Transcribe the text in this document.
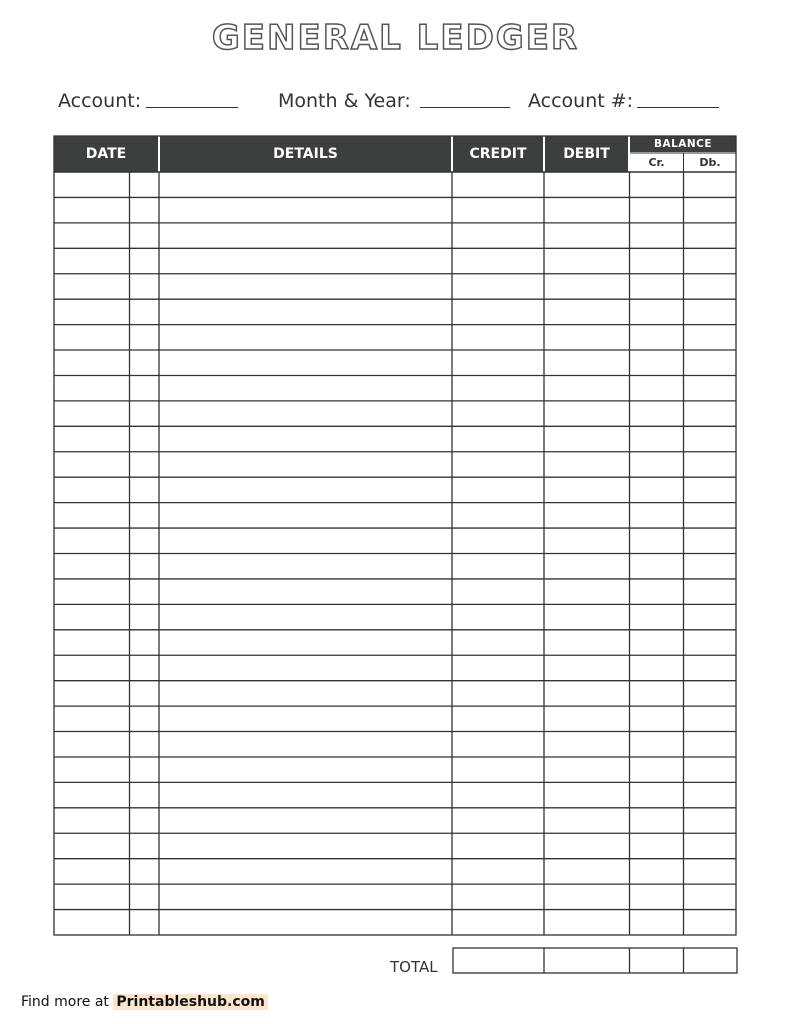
GENERAL LEDGER
Account:	Month & Year:	Account #:
DATE	DETAILS	CREDIT	DEBIT
BALANCE
Cr.	Db.
TOTAL
Find more at Printableshub.com
